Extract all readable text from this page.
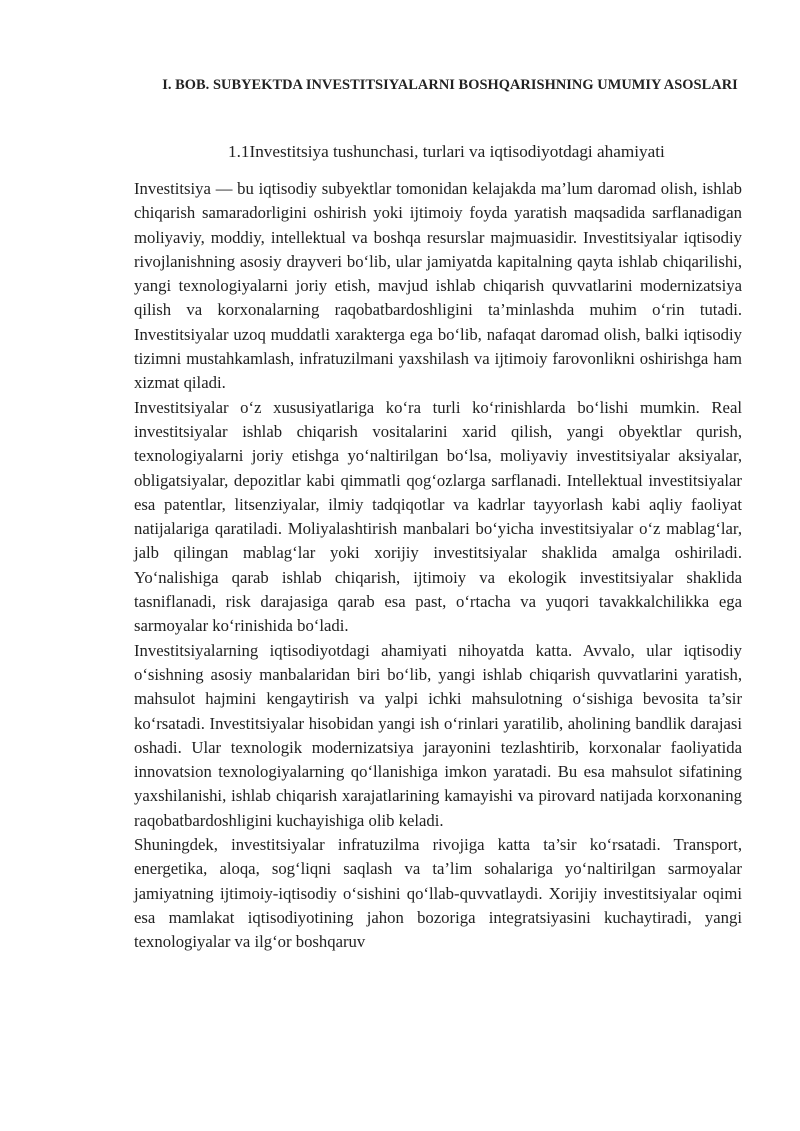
I. BOB. SUBYEKTDA INVESTITSIYALARNI BOSHQARISHNING UMUMIY ASOSLARI
1.1Investitsiya tushunchasi, turlari va iqtisodiyotdagi ahamiyati

Investitsiya — bu iqtisodiy subyektlar tomonidan kelajakda ma’lum daromad olish, ishlab chiqarish samaradorligini oshirish yoki ijtimoiy foyda yaratish maqsadida sarflanadigan moliyaviy, moddiy, intellektual va boshqa resurslar majmuasidir. Investitsiyalar iqtisodiy rivojlanishning asosiy drayveri bo‘lib, ular jamiyatda kapitalning qayta ishlab chiqarilishi, yangi texnologiyalarni joriy etish, mavjud ishlab chiqarish quvvatlarini modernizatsiya qilish va korxonalarning raqobatbardoshligini ta’minlashda muhim o‘rin tutadi. Investitsiyalar uzoq muddatli xarakterga ega bo‘lib, nafaqat daromad olish, balki iqtisodiy tizimni mustahkamlash, infratuzilmani yaxshilash va ijtimoiy farovonlikni oshirishga ham xizmat qiladi.

Investitsiyalar o‘z xususiyatlariga ko‘ra turli ko‘rinishlarda bo‘lishi mumkin. Real investitsiyalar ishlab chiqarish vositalarini xarid qilish, yangi obyektlar qurish, texnologiyalarni joriy etishga yo‘naltirilgan bo‘lsa, moliyaviy investitsiyalar aksiyalar, obligatsiyalar, depozitlar kabi qimmatli qog‘ozlarga sarflanadi. Intellektual investitsiyalar esa patentlar, litsenziyalar, ilmiy tadqiqotlar va kadrlar tayyorlash kabi aqliy faoliyat natijalariga qaratiladi. Moliyalashtirish manbalari bo‘yicha investitsiyalar o‘z mablag‘lar, jalb qilingan mablag‘lar yoki xorijiy investitsiyalar shaklida amalga oshiriladi. Yo‘nalishiga qarab ishlab chiqarish, ijtimoiy va ekologik investitsiyalar shaklida tasniflanadi, risk darajasiga qarab esa past, o‘rtacha va yuqori tavakkalchilikka ega sarmoyalar ko‘rinishida bo‘ladi.

Investitsiyalarning iqtisodiyotdagi ahamiyati nihoyatda katta. Avvalo, ular iqtisodiy o‘sishning asosiy manbalaridan biri bo‘lib, yangi ishlab chiqarish quvvatlarini yaratish, mahsulot hajmini kengaytirish va yalpi ichki mahsulotning o‘sishiga bevosita ta’sir ko‘rsatadi. Investitsiyalar hisobidan yangi ish o‘rinlari yaratilib, aholining bandlik darajasi oshadi. Ular texnologik modernizatsiya jarayonini tezlashtirib, korxonalar faoliyatida innovatsion texnologiyalarning qo‘llanishiga imkon yaratadi. Bu esa mahsulot sifatining yaxshilanishi, ishlab chiqarish xarajatlarining kamayishi va pirovard natijada korxonaning raqobatbardoshligini kuchayishiga olib keladi.

Shuningdek, investitsiyalar infratuzilma rivojiga katta ta’sir ko‘rsatadi. Transport, energetika, aloqa, sog‘liqni saqlash va ta’lim sohalariga yo‘naltirilgan sarmoyalar jamiyatning ijtimoiy-iqtisodiy o‘sishini qo‘llab-quvvatlaydi. Xorijiy investitsiyalar oqimi esa mamlakat iqtisodiyotining jahon bozoriga integratsiyasini kuchaytiradi, yangi texnologiyalar va ilg‘or boshqaruv
